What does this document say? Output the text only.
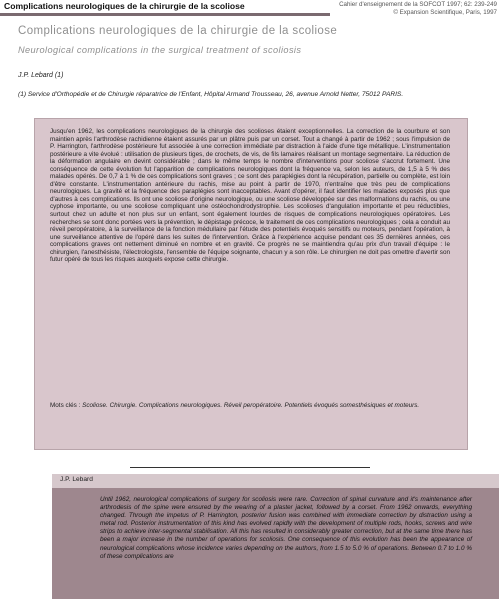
Complications neurologiques de la chirurgie de la scoliose	Cahier d'enseignement de la SOFCOT 1997; 62: 239-249
© Expansion Scientifique, Paris, 1997
Complications neurologiques de la chirurgie de la scoliose
Neurological complications in the surgical treatment of scoliosis
J.P. Lebard (1)
(1) Service d'Orthopédie et de Chirurgie réparatrice de l'Enfant, Hôpital Armand Trousseau, 26, avenue Arnold Netter, 75012 PARIS.

Jusqu'en 1962, les complications neurologiques de la chirurgie des scolioses étaient exceptionnelles. La correction de la courbure et son maintien après l'arthrodèse rachidienne étaient assurés par un plâtre puis par un corset. Tout a changé à partir de 1962 ; sous l'impulsion de P. Harrington, l'arthrodèse postérieure fut associée à une correction immédiate par distraction à l'aide d'une tige métallique. L'instrumentation postérieure a vite évolué : utilisation de plusieurs tiges, de crochets, de vis, de fils lamaires réalisant un montage segmentaire. La réduction de la déformation angulaire en devint considérable ; dans le même temps le nombre d'interventions pour scoliose s'accrut fortement. Une conséquence de cette évolution fut l'apparition de complications neurologiques dont la fréquence va, selon les auteurs, de 1,5 à 5 % des malades opérés. De 0,7 à 1 % de ces complications sont graves ; ce sont des paraplégies dont la récupération, partielle ou complète, est loin d'être constante. L'instrumentation antérieure du rachis, mise au point à partir de 1970, n'entraîne que très peu de complications neurologiques. La gravité et la fréquence des paraplégies sont inacceptables. Avant d'opérer, il faut identifier les malades exposés plus que d'autres à ces complications. Ils ont une scoliose d'origine neurologique, ou une scoliose développée sur des malformations du rachis, ou une cyphose importante, ou une scoliose compliquant une ostéochondrodystrophie. Les scolioses d'angulation importante et peu réductibles, surtout chez un adulte et non plus sur un enfant, sont également lourdes de risques de complications neurologiques opératoires. Les recherches se sont donc portées vers la prévention, le dépistage précoce, le traitement de ces complications neurologiques ; cela a conduit au réveil peropératoire, à la surveillance de la fonction médullaire par l'étude des potentiels évoqués sensitifs ou moteurs, pendant l'opération, à une surveillance attentive de l'opéré dans les suites de l'intervention. Grâce à l'expérience acquise pendant ces 35 dernières années, ces complications graves ont nettement diminué en nombre et en gravité. Ce progrès ne se maintiendra qu'au prix d'un travail d'équipe : le chirurgien, l'anesthésiste, l'électrologiste, l'ensemble de l'équipe soignante, chacun y a son rôle. Le chirurgien ne doit pas omettre d'avertir son futur opéré de tous les risques auxquels expose cette chirurgie.

Mots clés : Scoliose. Chirurgie. Complications neurologiques. Réveil peropératoire. Potentiels évoqués somesthésiques et moteurs.

J.P. Lebard

Until 1962, neurological complications of surgery for scoliosis were rare. Correction of spinal curvature and it's maintenance after arthrodesis of the spine were ensured by the wearing of a plaster jacket, followed by a corset. From 1962 onwards, everything changed. Through the impetus of P. Harrington, posterior fusion was combined with immediate correction by distraction using a metal rod. Posterior instrumentation of this kind has evolved rapidly with the development of multiple rods, hooks, screws and wire strips to achieve inter-segmental stabilisation. All this has resulted in considerably greater correction, but at the same time there has been a major increase in the number of operations for scoliosis. One consequence of this evolution has been the appearance of neurological complications whose incidence varies depending on the authors, from 1.5 to 5.0 % of operations. Between 0.7 to 1.0 % of these complications are
